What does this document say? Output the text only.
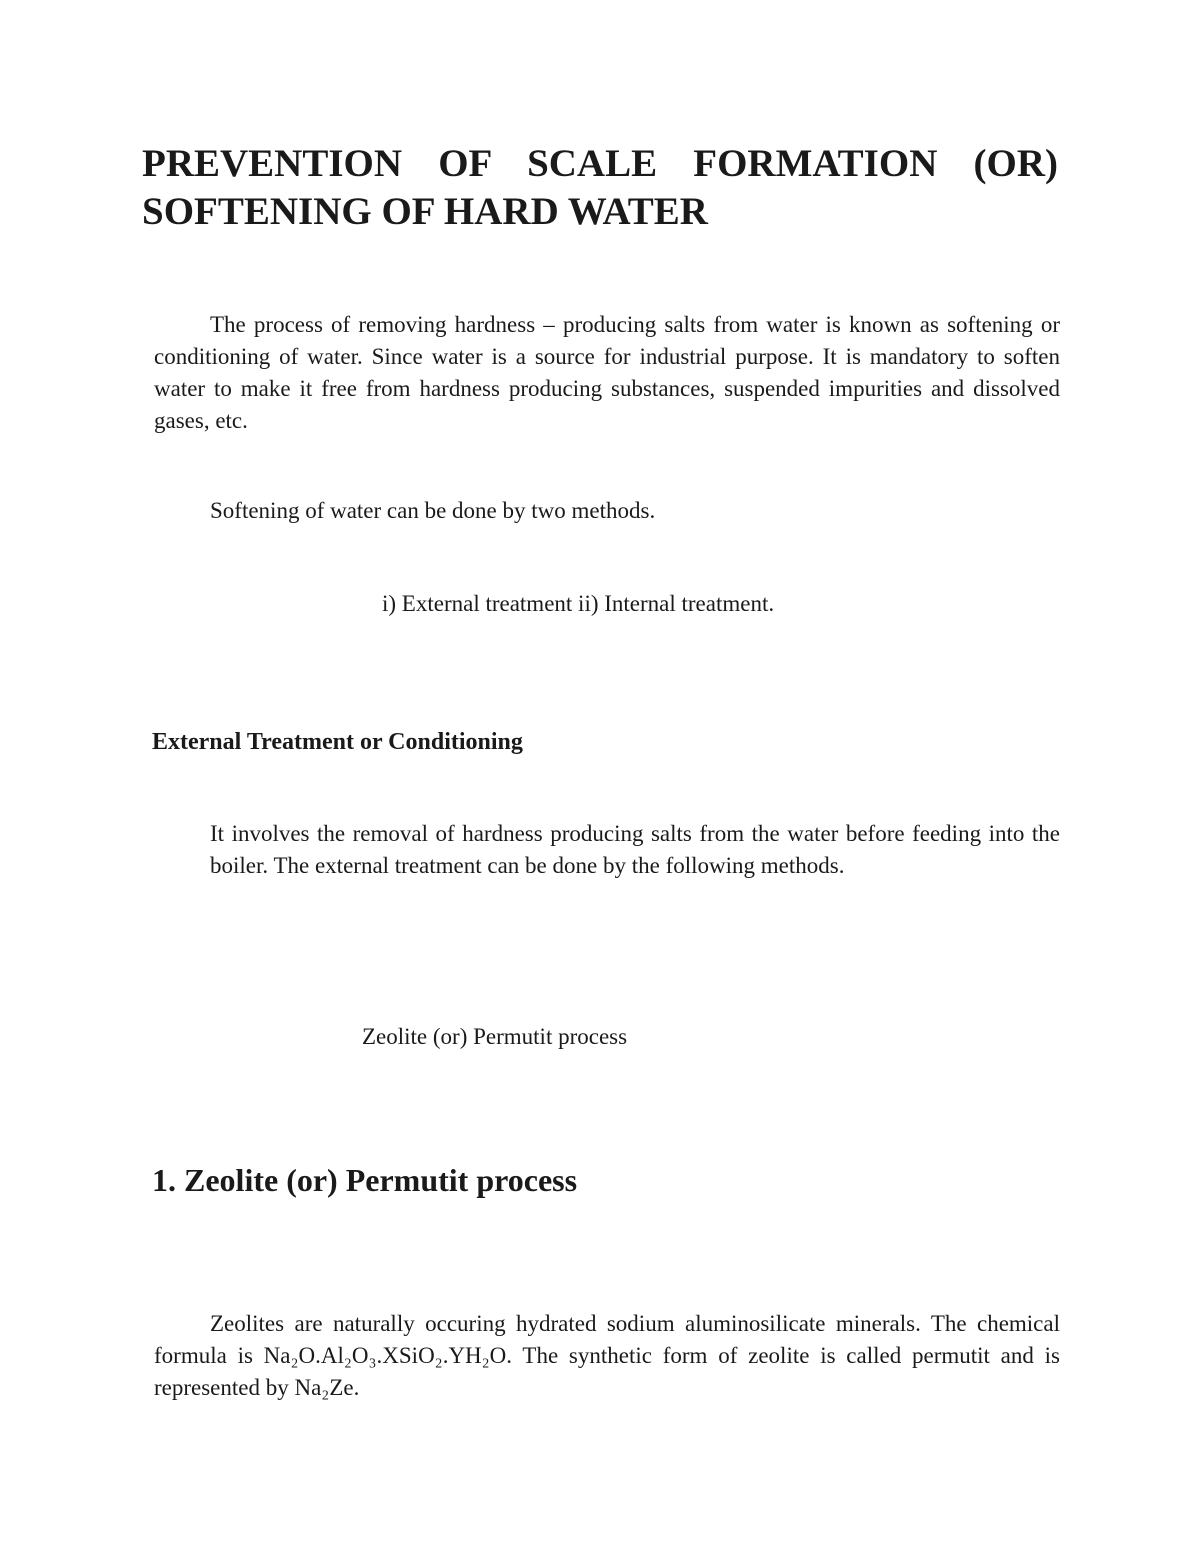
PREVENTION OF SCALE FORMATION (OR) SOFTENING OF HARD WATER

The process of removing hardness – producing salts from water is known as softening or conditioning of water. Since water is a source for industrial purpose. It is mandatory to soften water to make it free from hardness producing substances, suspended impurities and dissolved gases, etc.

Softening of water can be done by two methods.

i) External treatment ii) Internal treatment.

External Treatment or Conditioning

It involves the removal of hardness producing salts from the water before feeding into the boiler. The external treatment can be done by the following methods.

Zeolite (or) Permutit process

1. Zeolite (or) Permutit process

Zeolites are naturally occuring hydrated sodium aluminosilicate minerals. The chemical formula is Na₂O.Al₂O₃.XSiO₂.YH₂O. The synthetic form of zeolite is called permutit and is represented by Na₂Ze.
